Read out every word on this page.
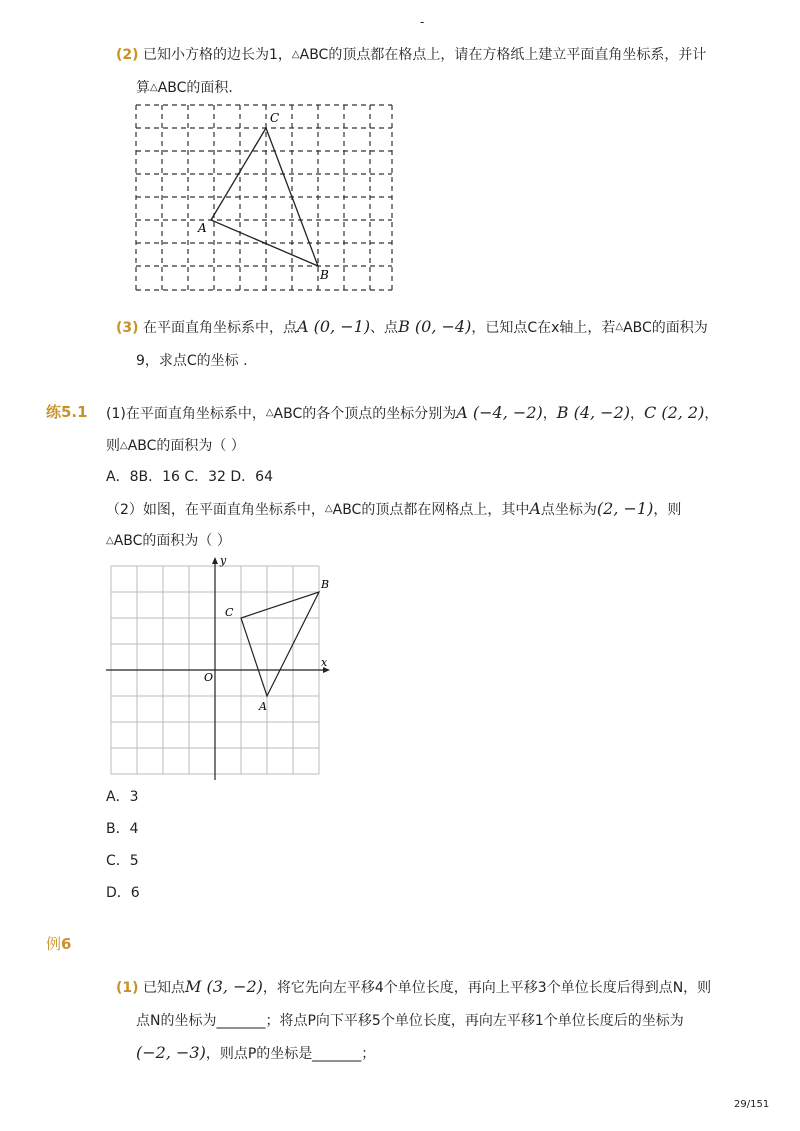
-
(2) 已知小方格的边长为1，△ABC的顶点都在格点上，请在方格纸上建立平面直角坐标系，并计
算△ABC的面积.
A
C
B
(3) 在平面直角坐标系中，点A (0, −1)、点B (0, −4)，已知点C在x轴上，若△ABC的面积为
9，求点C的坐标 .
练5.1 (1)在平面直角坐标系中，△ABC的各个顶点的坐标分别为A (−4, −2)，B (4, −2)，C (2, 2)，
则△ABC的面积为（ ）
A．8B．16 C．32 D．64
（2）如图，在平面直角坐标系中，△ABC的顶点都在网格点上，其中A点坐标为(2, −1)，则
△ABC的面积为（ ）
x
y
O
A
B
C
A．3
B．4
C．5
D．6
例6
(1) 已知点M (3, −2)，将它先向左平移4个单位长度，再向上平移3个单位长度后得到点N，则
点N的坐标为_______；将点P向下平移5个单位长度，再向左平移1个单位长度后的坐标为
(−2, −3)，则点P的坐标是_______；
29/151
